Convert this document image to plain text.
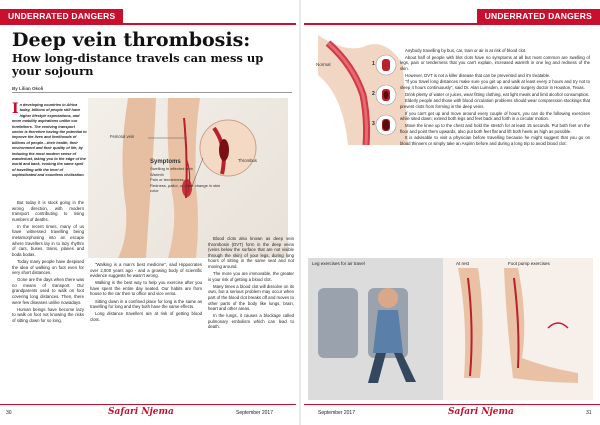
UNDERRATED DANGERS	UNDERRATED DANGERS
Deep vein thrombosis:
How long-distance travels can mess up your sojourn
By Lilian Okoli
I n developing countries in Africa today, billions of people still have higher lifestyle expectations, and more mobility aspirations unlike our forefathers. The evolving transport sector is therefore having the potential to improve the lives and livelihoods of billions of people—their health, their environment and their quality of life, by inducing the most modern sense of wanderlust, taking you to the edge of the world and back, evoking the same spell of travelling with the level of sophisticated and countless civilization.
Femoral vein
Thrombus
Symptoms
Swelling in affected limb
Warmth
Pain or tenderness
Redness, pallor, or other change in skin color

But today it is stock going in the wrong direction, with modern transport contributing to rising numbers of deaths.

In the recent times, many of us have witnessed travelling being metamorphosing into an escape where travellers lay in to lazy rhythm of cars, buses, trains, planes and boda bodas.

Today many people have despised the idea of walking on foot even for very short distances.

Gone are the days when there was no means of transport. Our grandparents used to walk on foot covering long distances. Then, there were few diseases unlike nowadays.

Human beings have become lazy to walk on foot not knowing the risks of sitting down for so long.

"Walking is a man's best medicine", said Hippocrates over 2,000 years ago - and a growing body of scientific evidence suggests he wasn't wrong.

Walking is the best way to help you exercise after you have spent the entire day seated. Our habits are from house to the car then to office and vice versa.

Sitting down in a confined place for long is the same as travelling for long and they both have the same effects.

Long distance travellers are at risk of getting blood clots.

Blood clots also known as deep vein thrombosis (DVT) form in the deep veins (veins below the surface that are not visible through the skin) of your legs, during long hours of sitting in the same seat and not moving around.

The more you are immovable, the greater is your risk of getting a blood clot.

Many times a blood clot will dissolve on its own, but a serious problem may occur when part of the blood clot breaks off and moves to other parts of the body like lungs, brain, heart and other areas.

In the lungs, it causes a blockage called pulmonary embolism which can lead to death.

Normal	1
2
3

Anybody travelling by bus, car, train or air is at risk of blood clot.

About half of people with blot clots have no symptoms at all but most common are swelling of legs, pain or tenderness that you can't explain, increased warmth in one leg and redness of the skin.

However, DVT is not a killer disease that can be prevented and it's treatable.

"If you travel long distances make sure you get up and walk at least every 2 hours and try not to sleep 4 hours continuously", said Dr. Alan Lumsden, a vascular surgery doctor in Houston, Texas.

Drink plenty of water or juices, wear fitting clothing, eat light meals and limit alcohol consumption.

Elderly people and those with blood circulation problems should wear compression stockings that prevent clots from forming in the deep veins.

If you can't get up and move around every couple of hours, you can do the following exercises while sited down; extend both legs and feet back and forth in a circular motion.

Move the knee up to the chest and hold the stretch for at least 15 seconds. Put both feet on the floor and point them upwards, also put both feet flat and lift both heels as high as possible.

It is advisable to visit a physician before travelling because he might suggest that you go on blood thinners or simply take an Aspirin before and during a long trip to avoid blood clot.

Leg exercises for air travel	At rest	Foot pump exercises
30	Safari Njema	September 2017	September 2017	Safari Njema	31
